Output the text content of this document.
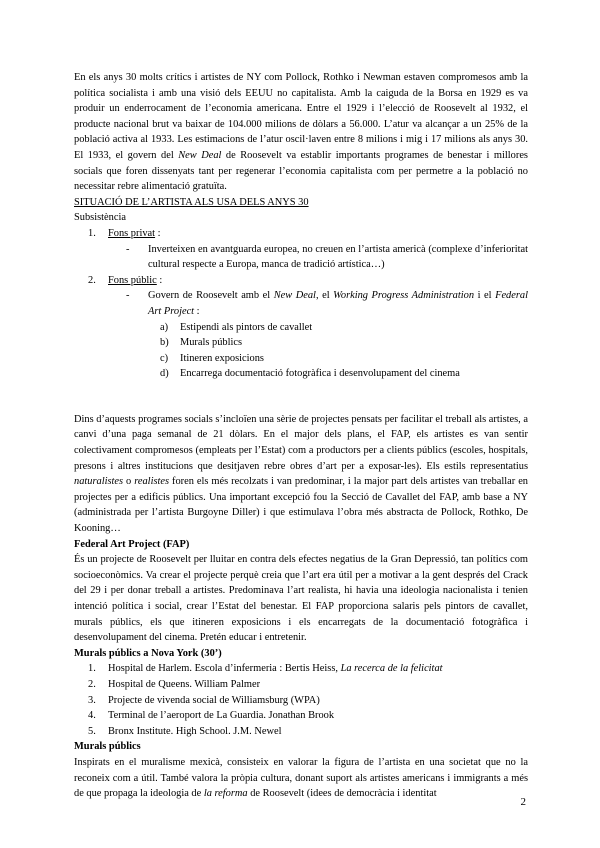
En els anys 30 molts crítics i artistes de NY com Pollock, Rothko i Newman estaven compromesos amb la política socialista i amb una visió dels EEUU no capitalista. Amb la caiguda de la Borsa en 1929 es va produir un enderrocament de l’economia americana. Entre el 1929 i l’elecció de Roosevelt al 1932, el producte nacional brut va baixar de 104.000 milions de dòlars a 56.000. L’atur va alcançar a un 25% de la població activa al 1933. Les estimacions de l’atur oscil·laven entre 8 milions i mig i 17 milions als anys 30. El 1933, el govern del New Deal de Roosevelt va establir importants programes de benestar i millores socials que foren dissenyats tant per regenerar l’economia capitalista com per permetre a la població no necessitar rebre alimentació gratuïta.

SITUACIÓ DE L’ARTISTA ALS USA DELS ANYS 30
Subsistència
1. Fons privat :
- Inverteixen en avantguarda europea, no creuen en l’artista americà (complexe d’inferioritat cultural respecte a Europa, manca de tradició artística…)
2. Fons públic :
- Govern de Roosevelt amb el New Deal, el Working Progress Administration i el Federal Art Project :
a) Estipendi als pintors de cavallet
b) Murals públics
c) Itineren exposicions
d) Encarrega documentació fotogràfica i desenvolupament del cinema

Dins d’aquests programes socials s’incloïen una sèrie de projectes pensats per facilitar el treball als artistes, a canvi d’una paga semanal de 21 dòlars. En el major dels plans, el FAP, els artistes es van sentir colectivament compromesos (empleats per l’Estat) com a productors per a clients públics (escoles, hospitals, presons i altres institucions que desitjaven rebre obres d’art per a exposar-les). Els estils representatius naturalistes o realistes foren els més recolzats i van predominar, i la major part dels artistes van treballar en projectes per a edificis públics. Una important excepció fou la Secció de Cavallet del FAP, amb base a NY (administrada per l’artista Burgoyne Diller) i que estimulava l’obra més abstracta de Pollock, Rothko, De Kooning…

Federal Art Project (FAP)

És un projecte de Roosevelt per lluitar en contra dels efectes negatius de la Gran Depressió, tan polítics com socioeconòmics. Va crear el projecte perquè creia que l’art era útil per a motivar a la gent després del Crack del 29 i per donar treball a artistes. Predominava l’art realista, hi havia una ideologia nacionalista i tenien intenció política i social, crear l’Estat del benestar. El FAP proporciona salaris pels pintors de cavallet, murals públics, els que itineren exposicions i els encarregats de la documentació fotogràfica i desenvolupament del cinema. Pretén educar i entretenir.

Murals públics a Nova York (30’)
1. Hospital de Harlem. Escola d’infermeria : Bertis Heiss, La recerca de la felicitat
2. Hospital de Queens. William Palmer
3. Projecte de vivenda social de Williamsburg (WPA)
4. Terminal de l’aeroport de La Guardia. Jonathan Brook
5. Bronx Institute. High School. J.M. Newel
Murals públics

Inspirats en el muralisme mexicà, consisteix en valorar la figura de l’artista en una societat que no la reconeix com a útil. També valora la pròpia cultura, donant suport als artistes americans i immigrants a més de que propaga la ideologia de la reforma de Roosevelt (idees de democràcia i identitat

2
